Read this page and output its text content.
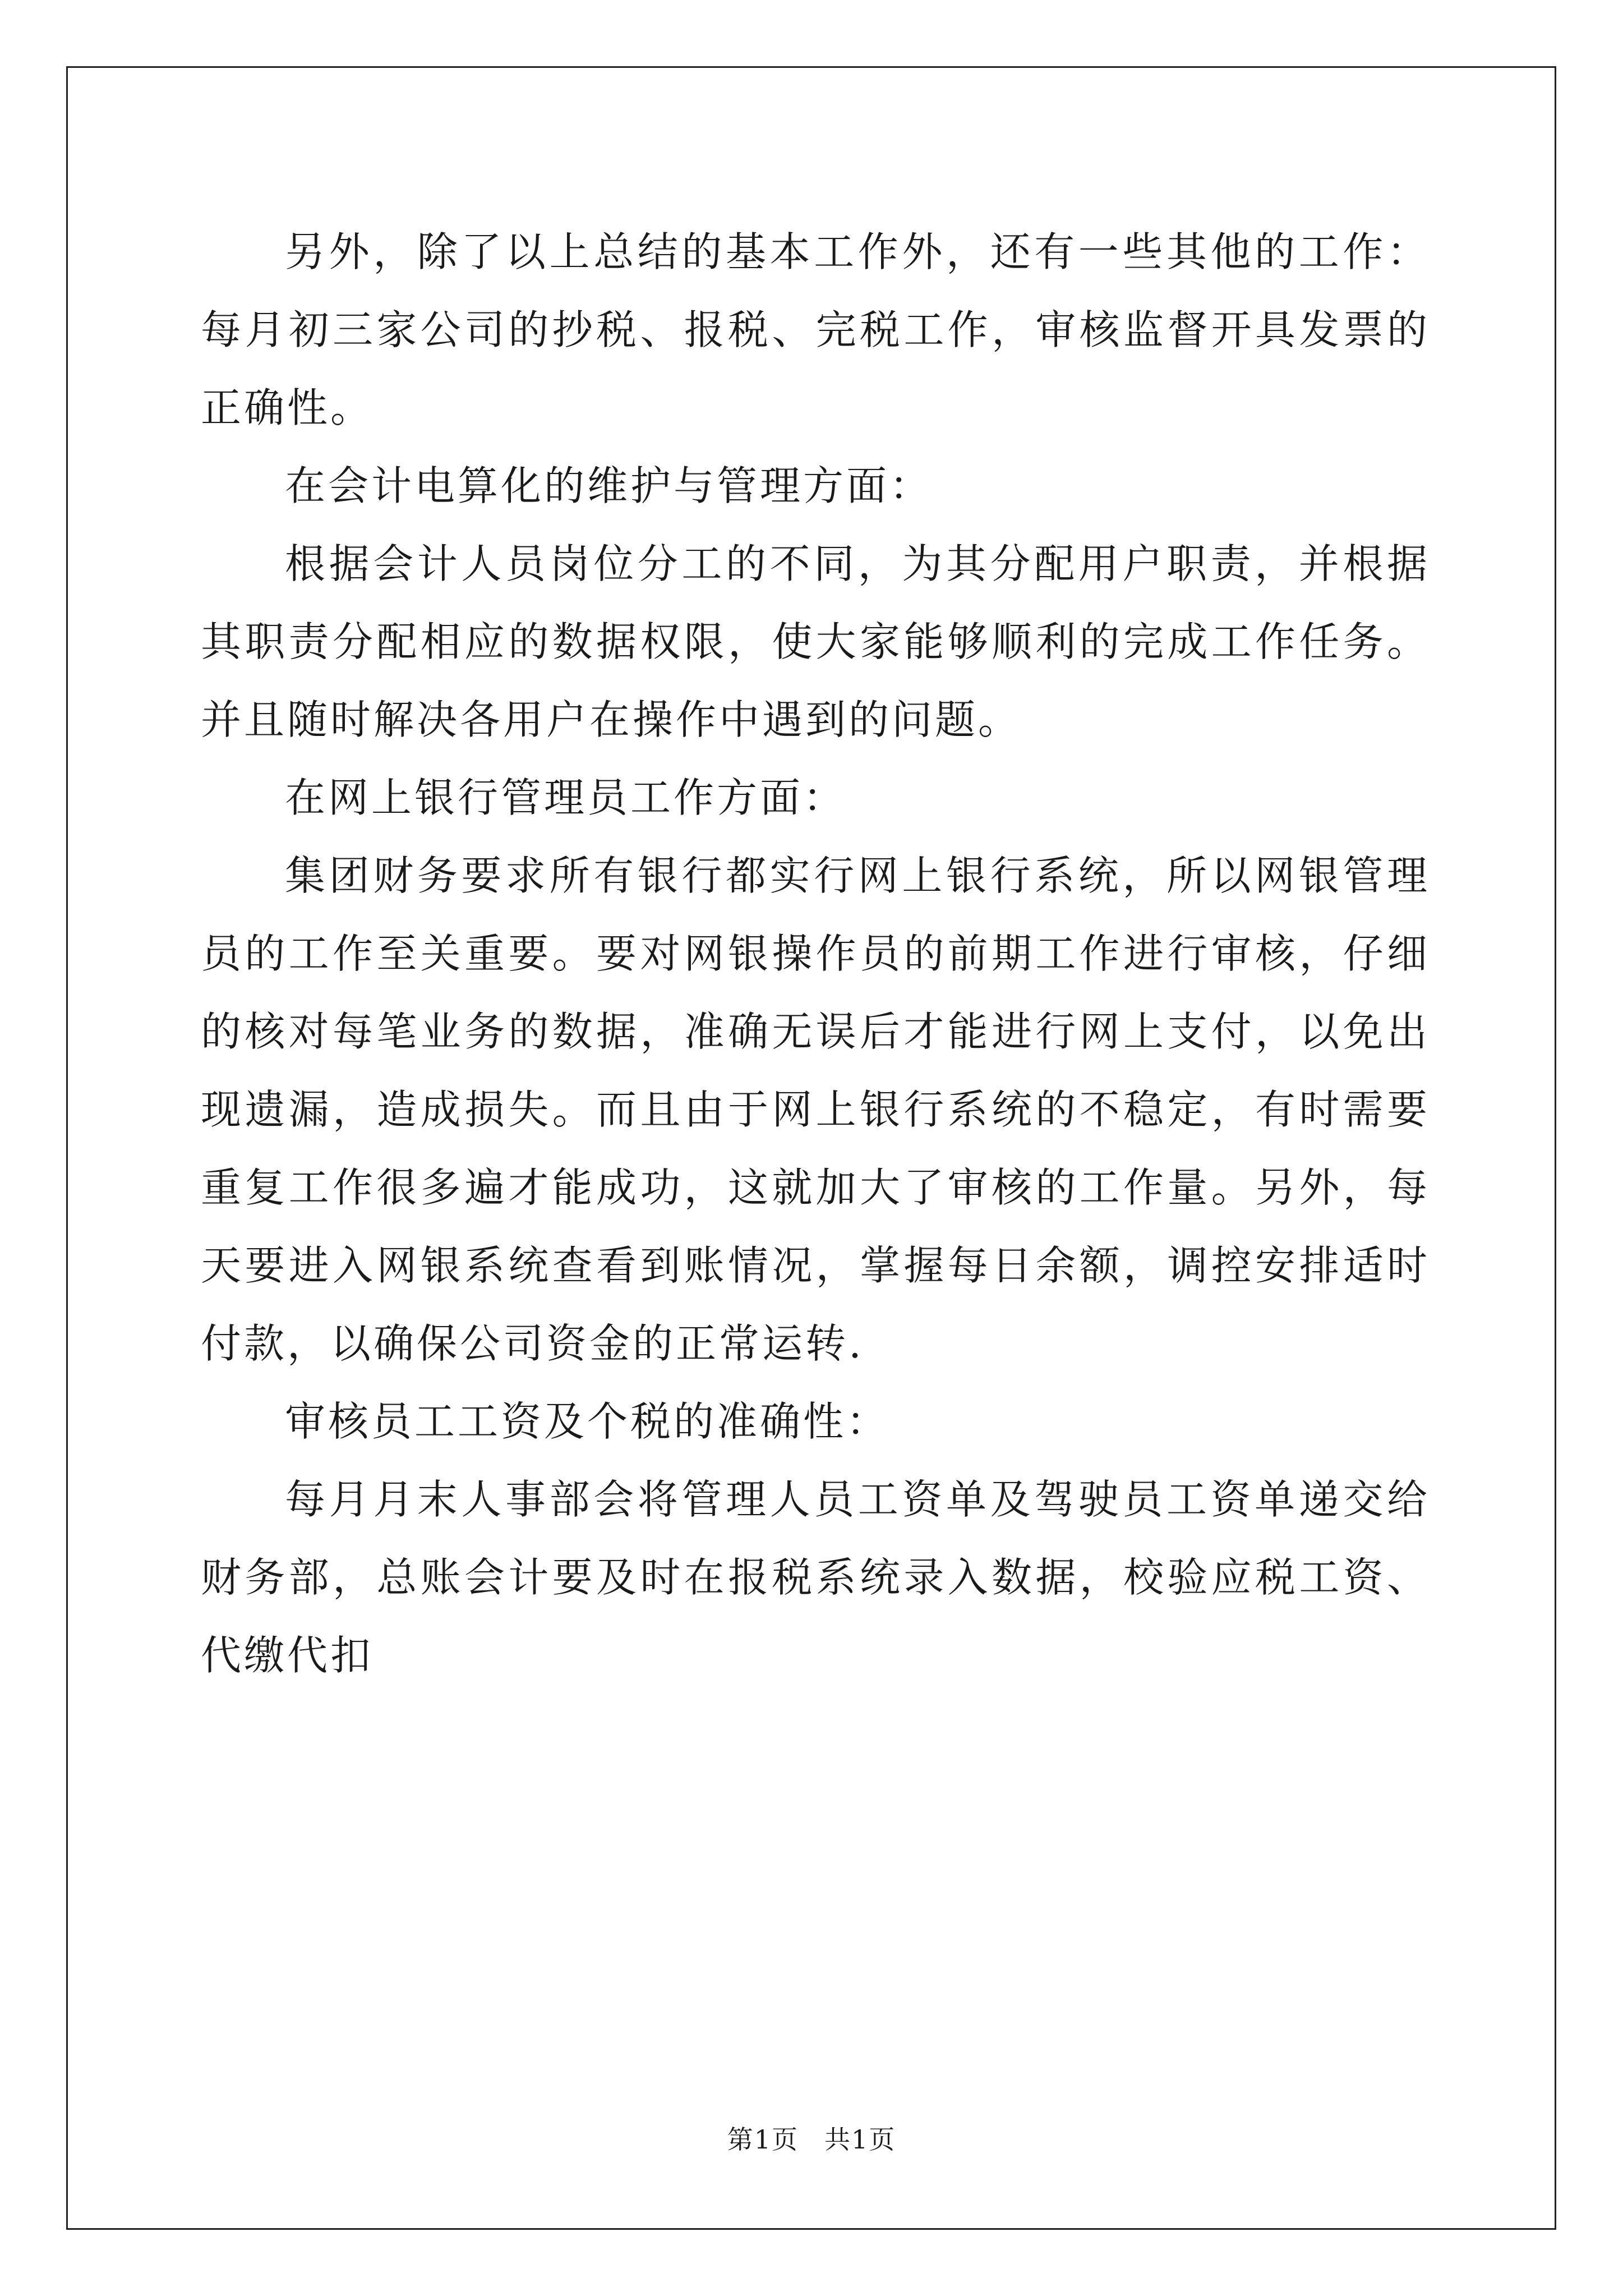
另外，除了以上总结的基本工作外，还有一些其他的工作：每月初三家公司的抄税、报税、完税工作，审核监督开具发票的正确性。

在会计电算化的维护与管理方面：

根据会计人员岗位分工的不同，为其分配用户职责，并根据其职责分配相应的数据权限，使大家能够顺利的完成工作任务。并且随时解决各用户在操作中遇到的问题。

在网上银行管理员工作方面：

集团财务要求所有银行都实行网上银行系统，所以网银管理员的工作至关重要。要对网银操作员的前期工作进行审核，仔细的核对每笔业务的数据，准确无误后才能进行网上支付，以免出现遗漏，造成损失。而且由于网上银行系统的不稳定，有时需要重复工作很多遍才能成功，这就加大了审核的工作量。另外，每天要进入网银系统查看到账情况，掌握每日余额，调控安排适时付款，以确保公司资金的正常运转.

审核员工工资及个税的准确性：

每月月末人事部会将管理人员工资单及驾驶员工资单递交给财务部，总账会计要及时在报税系统录入数据，校验应税工资、代缴代扣

第1页 共1页
